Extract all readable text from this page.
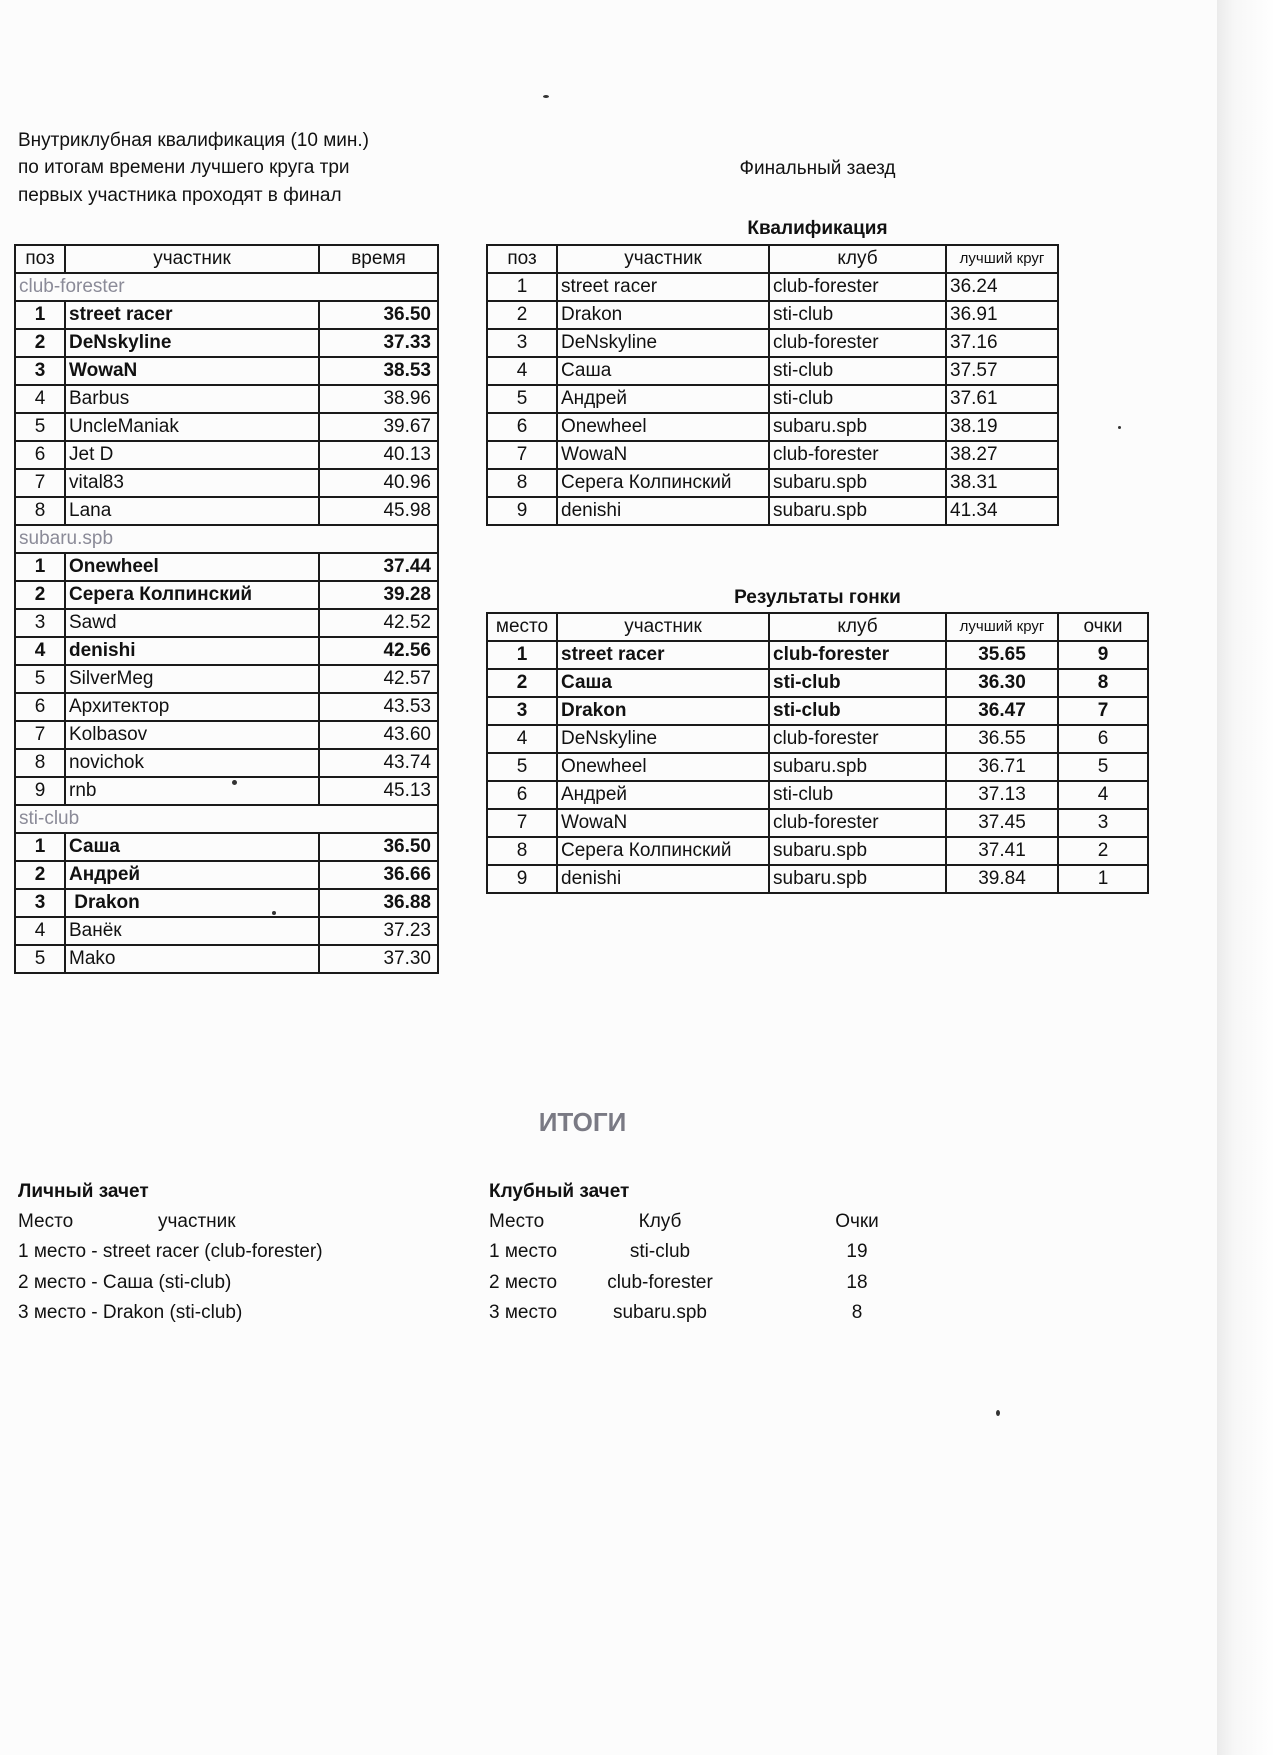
Внутриклубная квалификация (10 мин.)
по итогам времени лучшего круга три
первых участника проходят в финал
Финальный заезд
поз	участник	время
club-forester		
1	street racer	36.50
2	DeNskyline	37.33
3	WowaN	38.53
4	Barbus	38.96
5	UncleManiak	39.67
6	Jet D	40.13
7	vital83	40.96
8	Lana	45.98
subaru.spb		
1	Onewheel	37.44
2	Серега Колпинский	39.28
3	Sawd	42.52
4	denishi	42.56
5	SilverMeg	42.57
6	Архитектор	43.53
7	Kolbasov	43.60
8	novichok	43.74
9	rnb	45.13
sti-club		
1	Саша	36.50
2	Андрей	36.66
3	Drakon	36.88
4	Ванёк	37.23
5	Mako	37.30
Квалификация
поз	участник	клуб	лучший круг
1	street racer	club-forester	36.24
2	Drakon	sti-club	36.91
3	DeNskyline	club-forester	37.16
4	Саша	sti-club	37.57
5	Андрей	sti-club	37.61
6	Onewheel	subaru.spb	38.19
7	WowaN	club-forester	38.27
8	Серега Колпинский	subaru.spb	38.31
9	denishi	subaru.spb	41.34
Результаты гонки
место	участник	клуб	лучший круг	очки
1	street racer	club-forester	35.65	9
2	Саша	sti-club	36.30	8
3	Drakon	sti-club	36.47	7
4	DeNskyline	club-forester	36.55	6
5	Onewheel	subaru.spb	36.71	5
6	Андрей	sti-club	37.13	4
7	WowaN	club-forester	37.45	3
8	Серега Колпинский	subaru.spb	37.41	2
9	denishi	subaru.spb	39.84	1
ИТОГИ
Личный зачет
Место	участник
1 место - street racer (club-forester)
2 место - Саша (sti-club)
3 место - Drakon (sti-club)
Клубный зачет
Место	Клуб	Очки
1 место	sti-club	19
2 место	club-forester	18
3 место	subaru.spb	8
